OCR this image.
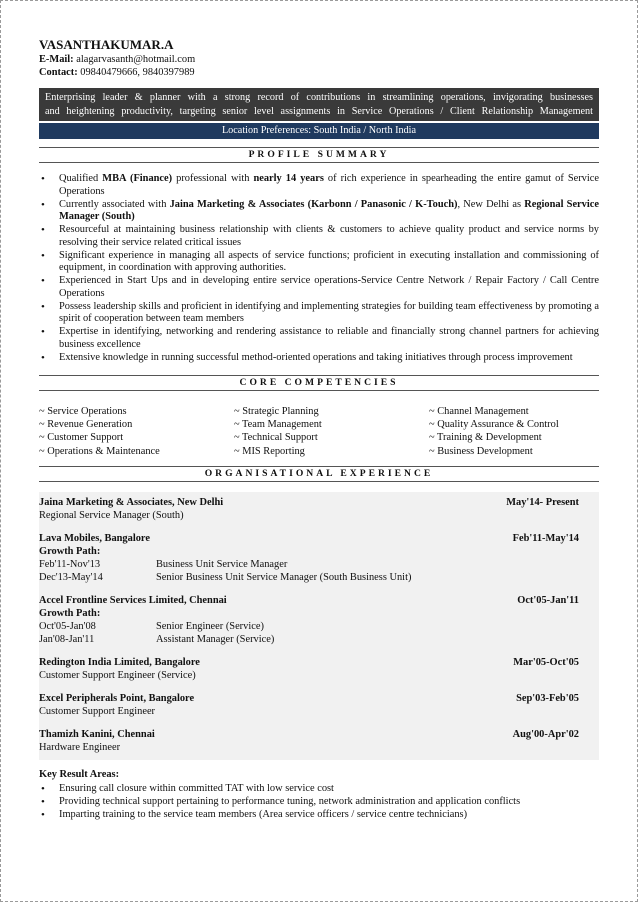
VASANTHAKUMAR.A
E-Mail: alagarvasanth@hotmail.com
Contact: 09840479666, 9840397989
Enterprising leader & planner with a strong record of contributions in streamlining operations, invigorating businesses
and heightening productivity, targeting senior level assignments in Service Operations / Client Relationship Management
Location Preferences: South India / North India
PROFILE SUMMARY
• Qualified MBA (Finance) professional with nearly 14 years of rich experience in spearheading the entire gamut of Service Operations
• Currently associated with Jaina Marketing & Associates (Karbonn / Panasonic / K-Touch), New Delhi as Regional Service Manager (South)
• Resourceful at maintaining business relationship with clients & customers to achieve quality product and service norms by resolving their service related critical issues
• Significant experience in managing all aspects of service functions; proficient in executing installation and commissioning of equipment, in coordination with approving authorities.
• Experienced in Start Ups and in developing entire service operations-Service Centre Network / Repair Factory / Call Centre Operations
• Possess leadership skills and proficient in identifying and implementing strategies for building team effectiveness by promoting a spirit of cooperation between team members
• Expertise in identifying, networking and rendering assistance to reliable and financially strong channel partners for achieving business excellence
• Extensive knowledge in running successful method-oriented operations and taking initiatives through process improvement
CORE COMPETENCIES
~ Service Operations	~ Strategic Planning	~ Channel Management
~ Revenue Generation	~ Team Management	~ Quality Assurance & Control
~ Customer Support	~ Technical Support	~ Training & Development
~ Operations & Maintenance	~ MIS Reporting	~ Business Development
ORGANISATIONAL EXPERIENCE
Jaina Marketing & Associates, New Delhi	May'14- Present
Regional Service Manager (South)
Lava Mobiles, Bangalore	Feb'11-May'14
Growth Path:
Feb'11-Nov'13	Business Unit Service Manager
Dec'13-May'14	Senior Business Unit Service Manager (South Business Unit)
Accel Frontline Services Limited, Chennai	Oct'05-Jan'11
Growth Path:
Oct'05-Jan'08	Senior Engineer (Service)
Jan'08-Jan'11	Assistant Manager (Service)
Redington India Limited, Bangalore	Mar'05-Oct'05
Customer Support Engineer (Service)
Excel Peripherals Point, Bangalore	Sep'03-Feb'05
Customer Support Engineer
Thamizh Kanini, Chennai	Aug'00-Apr'02
Hardware Engineer
Key Result Areas:
• Ensuring call closure within committed TAT with low service cost
• Providing technical support pertaining to performance tuning, network administration and application conflicts
• Imparting training to the service team members (Area service officers / service centre technicians)
